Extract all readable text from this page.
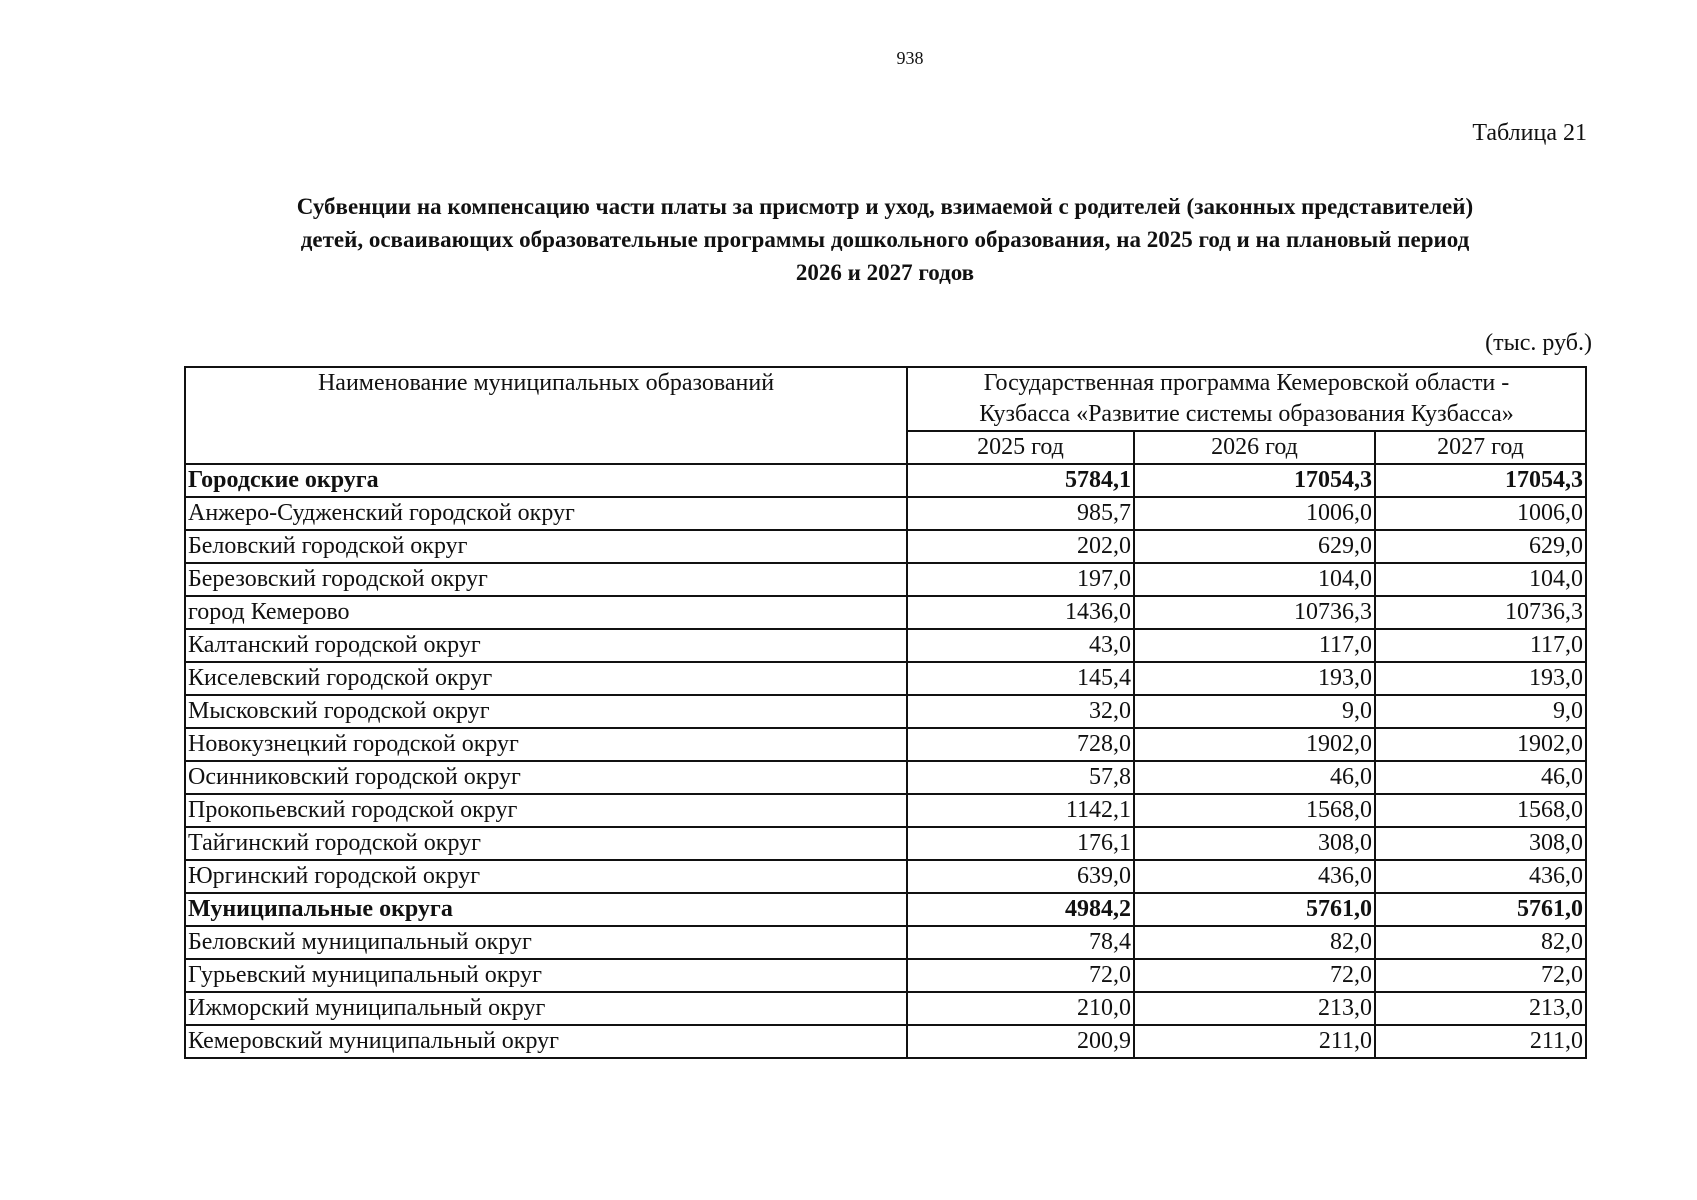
938
Таблица 21
Субвенции на компенсацию части платы за присмотр и уход, взимаемой с родителей (законных представителей)
детей, осваивающих образовательные программы дошкольного образования, на 2025 год и на плановый период
2026 и 2027 годов
(тыс. руб.)
Наименование муниципальных образований	Государственная программа Кемеровской области -
Кузбасса «Развитие системы образования Кузбасса»		

	2025 год	2026 год	2027 год
Городские округа	5784,1	17054,3	17054,3
Анжеро-Судженский городской округ	985,7	1006,0	1006,0
Беловский городской округ	202,0	629,0	629,0
Березовский городской округ	197,0	104,0	104,0
город Кемерово	1436,0	10736,3	10736,3
Калтанский городской округ	43,0	117,0	117,0
Киселевский городской округ	145,4	193,0	193,0
Мысковский городской округ	32,0	9,0	9,0
Новокузнецкий городской округ	728,0	1902,0	1902,0
Осинниковский городской округ	57,8	46,0	46,0
Прокопьевский городской округ	1142,1	1568,0	1568,0
Тайгинский городской округ	176,1	308,0	308,0
Юргинский городской округ	639,0	436,0	436,0
Муниципальные округа	4984,2	5761,0	5761,0
Беловский муниципальный округ	78,4	82,0	82,0
Гурьевский муниципальный округ	72,0	72,0	72,0
Ижморский муниципальный округ	210,0	213,0	213,0
Кемеровский муниципальный округ	200,9	211,0	211,0
